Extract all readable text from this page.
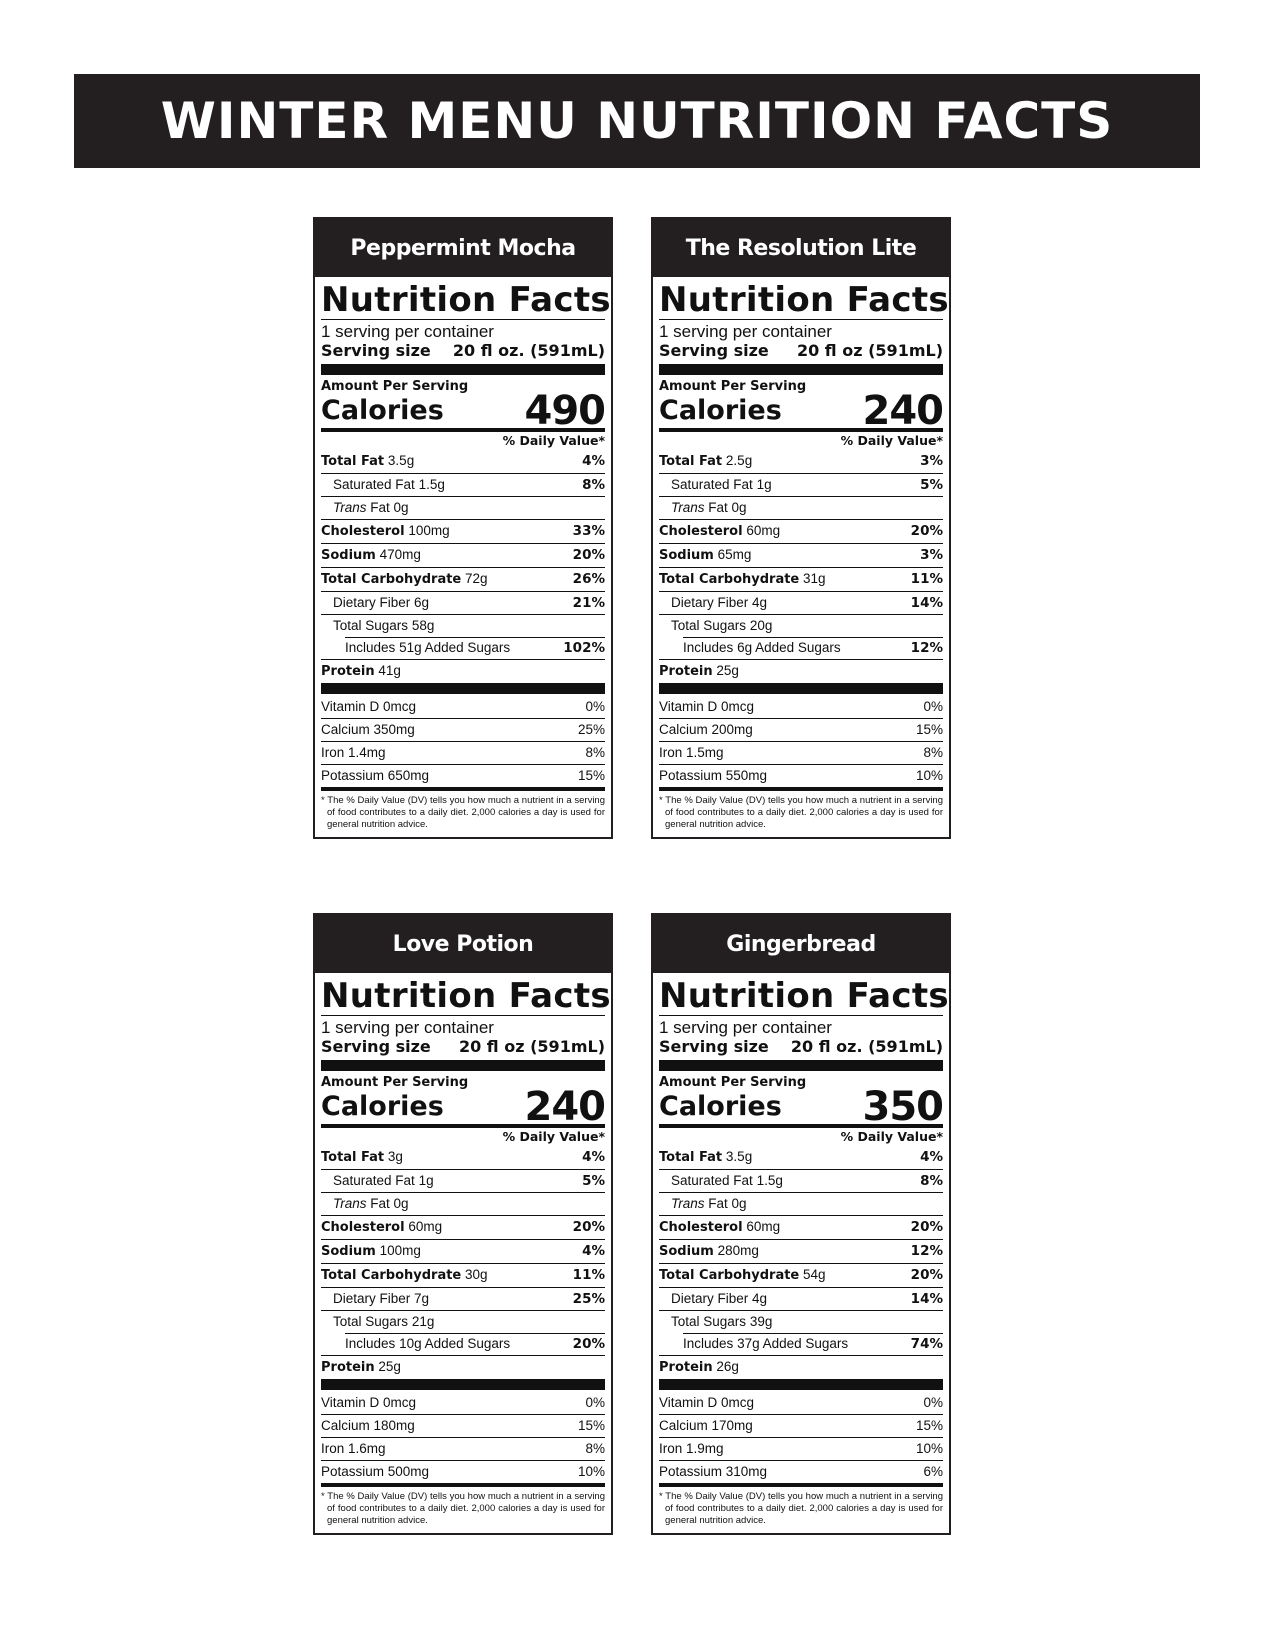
WINTER MENU NUTRITION FACTS
Peppermint Mocha
Nutrition Facts
1 serving per container
Serving size 20 fl oz. (591mL)
Amount Per Serving
Calories 490
% Daily Value*
Total Fat 3.5g	4%
Saturated Fat 1.5g	8%
Trans Fat 0g
Cholesterol 100mg	33%
Sodium 470mg	20%
Total Carbohydrate 72g	26%
Dietary Fiber 6g	21%
Total Sugars 58g
Includes 51g Added Sugars	102%
Protein 41g
Vitamin D 0mcg	0%
Calcium 350mg	25%
Iron 1.4mg	8%
Potassium 650mg	15%
* The % Daily Value (DV) tells you how much a nutrient in a serving of food contributes to a daily diet. 2,000 calories a day is used for general nutrition advice.
The Resolution Lite
Nutrition Facts
1 serving per container
Serving size 20 fl oz (591mL)
Amount Per Serving
Calories 240
% Daily Value*
Total Fat 2.5g	3%
Saturated Fat 1g	5%
Trans Fat 0g
Cholesterol 60mg	20%
Sodium 65mg	3%
Total Carbohydrate 31g	11%
Dietary Fiber 4g	14%
Total Sugars 20g
Includes 6g Added Sugars	12%
Protein 25g
Vitamin D 0mcg	0%
Calcium 200mg	15%
Iron 1.5mg	8%
Potassium 550mg	10%
* The % Daily Value (DV) tells you how much a nutrient in a serving of food contributes to a daily diet. 2,000 calories a day is used for general nutrition advice.
Love Potion
Nutrition Facts
1 serving per container
Serving size 20 fl oz (591mL)
Amount Per Serving
Calories 240
% Daily Value*
Total Fat 3g	4%
Saturated Fat 1g	5%
Trans Fat 0g
Cholesterol 60mg	20%
Sodium 100mg	4%
Total Carbohydrate 30g	11%
Dietary Fiber 7g	25%
Total Sugars 21g
Includes 10g Added Sugars	20%
Protein 25g
Vitamin D 0mcg	0%
Calcium 180mg	15%
Iron 1.6mg	8%
Potassium 500mg	10%
* The % Daily Value (DV) tells you how much a nutrient in a serving of food contributes to a daily diet. 2,000 calories a day is used for general nutrition advice.
Gingerbread
Nutrition Facts
1 serving per container
Serving size 20 fl oz. (591mL)
Amount Per Serving
Calories 350
% Daily Value*
Total Fat 3.5g	4%
Saturated Fat 1.5g	8%
Trans Fat 0g
Cholesterol 60mg	20%
Sodium 280mg	12%
Total Carbohydrate 54g	20%
Dietary Fiber 4g	14%
Total Sugars 39g
Includes 37g Added Sugars	74%
Protein 26g
Vitamin D 0mcg	0%
Calcium 170mg	15%
Iron 1.9mg	10%
Potassium 310mg	6%
* The % Daily Value (DV) tells you how much a nutrient in a serving of food contributes to a daily diet. 2,000 calories a day is used for general nutrition advice.
